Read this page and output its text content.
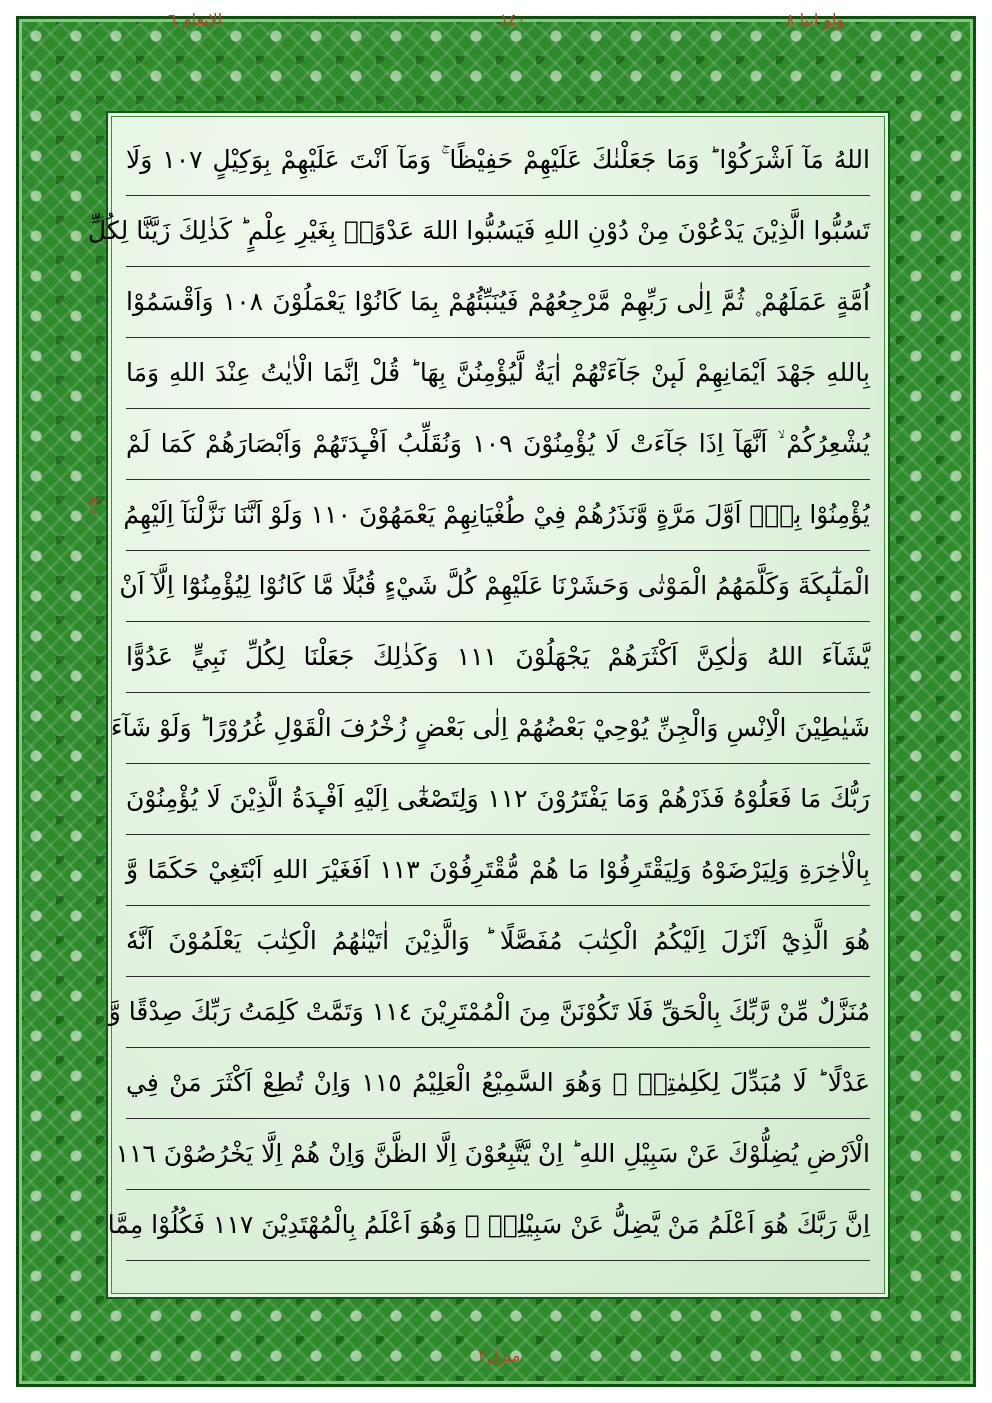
الانعام ٦	١٤٠	ولو اننا ٨
ربع
اللهُ مَآ اَشْرَكُوْا ؕ وَمَا جَعَلْنٰكَ عَلَيْهِمْ حَفِيْظًا ۚ وَمَآ اَنْتَ عَلَيْهِمْ بِوَكِيْلٍ ١٠٧ وَلَا
تَسُبُّوا الَّذِيْنَ يَدْعُوْنَ مِنْ دُوْنِ اللهِ فَيَسُبُّوا اللهَ عَدْوًاۢ بِغَيْرِ عِلْمٍ ؕ كَذٰلِكَ زَيَّنَّا لِكُلِّ
اُمَّةٍ عَمَلَهُمْ ۪ ثُمَّ اِلٰى رَبِّهِمْ مَّرْجِعُهُمْ فَيُنَبِّئُهُمْ بِمَا كَانُوْا يَعْمَلُوْنَ ١٠٨ وَاَقْسَمُوْا
بِاللهِ جَهْدَ اَيْمَانِهِمْ لَىٕنْ جَآءَتْهُمْ اٰيَةٌ لَّيُؤْمِنُنَّ بِهَا ؕ قُلْ اِنَّمَا الْاٰيٰتُ عِنْدَ اللهِ وَمَا
يُشْعِرُكُمْ ۙ اَنَّهَآ اِذَا جَآءَتْ لَا يُؤْمِنُوْنَ ١٠٩ وَنُقَلِّبُ اَفْـِٕدَتَهُمْ وَاَبْصَارَهُمْ كَمَا لَمْ
يُؤْمِنُوْا بِهٖٓ اَوَّلَ مَرَّةٍ وَّنَذَرُهُمْ فِيْ طُغْيَانِهِمْ يَعْمَهُوْنَ ١١٠ وَلَوْ اَنَّنَا نَزَّلْنَآ اِلَيْهِمُ
الْمَلٰٓىٕكَةَ وَكَلَّمَهُمُ الْمَوْتٰى وَحَشَرْنَا عَلَيْهِمْ كُلَّ شَيْءٍ قُبُلًا مَّا كَانُوْا لِيُؤْمِنُوْٓا اِلَّآ اَنْ
يَّشَآءَ اللهُ وَلٰكِنَّ اَكْثَرَهُمْ يَجْهَلُوْنَ ١١١ وَكَذٰلِكَ جَعَلْنَا لِكُلِّ نَبِيٍّ عَدُوًّا
شَيٰطِيْنَ الْاِنْسِ وَالْجِنِّ يُوْحِيْ بَعْضُهُمْ اِلٰى بَعْضٍ زُخْرُفَ الْقَوْلِ غُرُوْرًا ؕ وَلَوْ شَآءَ
رَبُّكَ مَا فَعَلُوْهُ فَذَرْهُمْ وَمَا يَفْتَرُوْنَ ١١٢ وَلِتَصْغٰٓى اِلَيْهِ اَفْـِٕدَةُ الَّذِيْنَ لَا يُؤْمِنُوْنَ
بِالْاٰخِرَةِ وَلِيَرْضَوْهُ وَلِيَقْتَرِفُوْا مَا هُمْ مُّقْتَرِفُوْنَ ١١٣ اَفَغَيْرَ اللهِ اَبْتَغِيْ حَكَمًا وَّ
هُوَ الَّذِيْٓ اَنْزَلَ اِلَيْكُمُ الْكِتٰبَ مُفَصَّلًا ؕ وَالَّذِيْنَ اٰتَيْنٰهُمُ الْكِتٰبَ يَعْلَمُوْنَ اَنَّهٗ
مُنَزَّلٌ مِّنْ رَّبِّكَ بِالْحَقِّ فَلَا تَكُوْنَنَّ مِنَ الْمُمْتَرِيْنَ ١١٤ وَتَمَّتْ كَلِمَتُ رَبِّكَ صِدْقًا وَّ
عَدْلًا ؕ لَا مُبَدِّلَ لِكَلِمٰتِهٖ ۚ وَهُوَ السَّمِيْعُ الْعَلِيْمُ ١١٥ وَاِنْ تُطِعْ اَكْثَرَ مَنْ فِي
الْاَرْضِ يُضِلُّوْكَ عَنْ سَبِيْلِ اللهِ ؕ اِنْ يَّتَّبِعُوْنَ اِلَّا الظَّنَّ وَاِنْ هُمْ اِلَّا يَخْرُصُوْنَ ١١٦
اِنَّ رَبَّكَ هُوَ اَعْلَمُ مَنْ يَّضِلُّ عَنْ سَبِيْلِهٖ ۚ وَهُوَ اَعْلَمُ بِالْمُهْتَدِيْنَ ١١٧ فَكُلُوْا مِمَّا
منزل٢
